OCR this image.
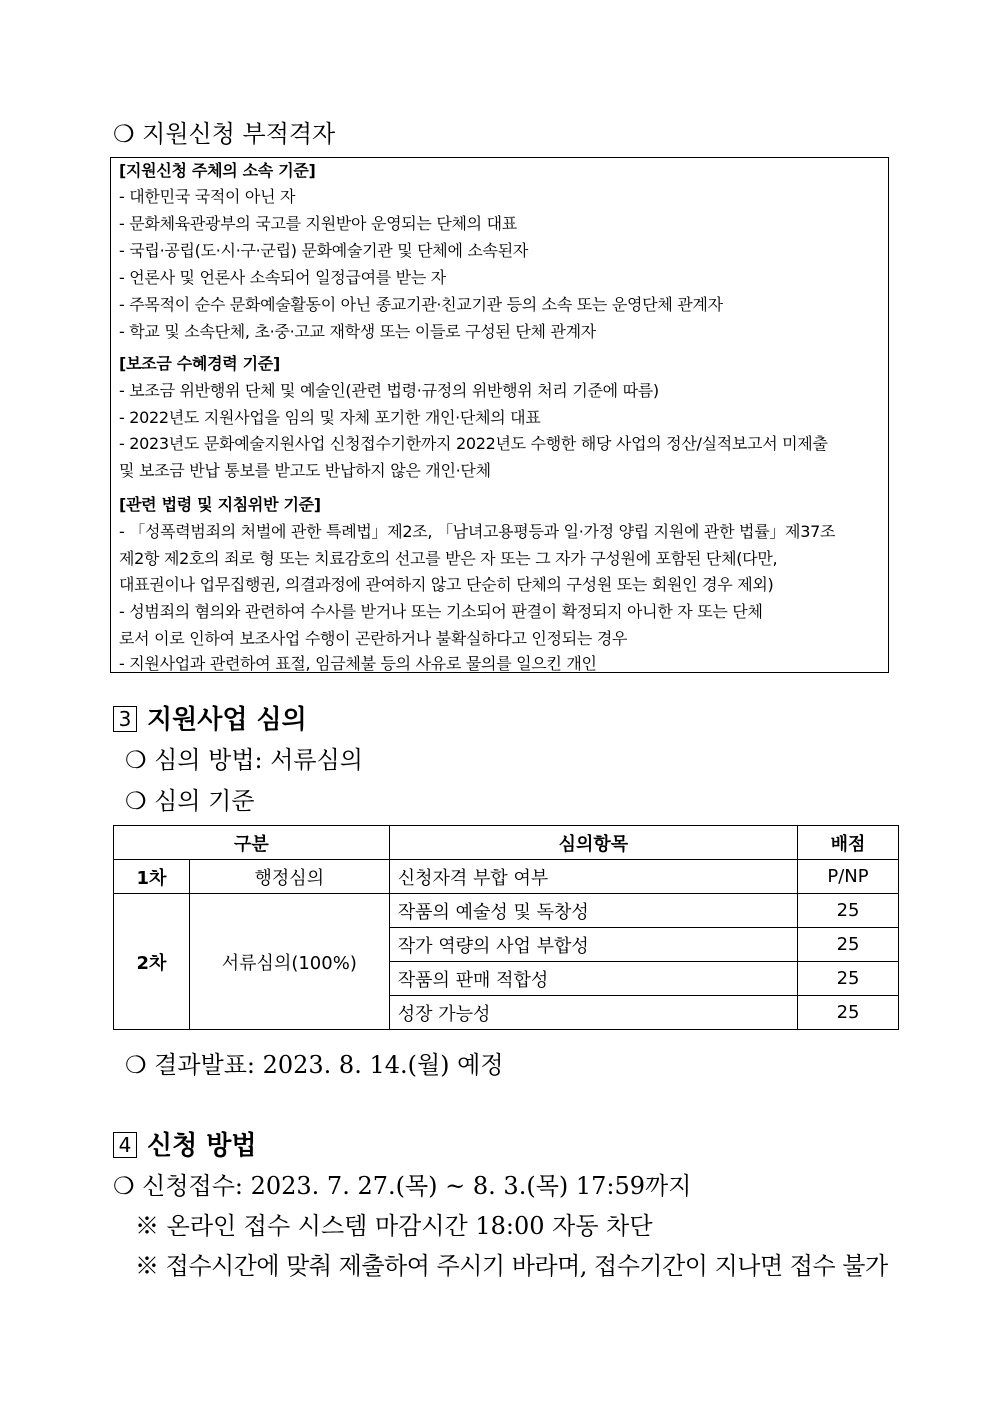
❍ 지원신청 부적격자
[지원신청 주체의 소속 기준]
- 대한민국 국적이 아닌 자
- 문화체육관광부의 국고를 지원받아 운영되는 단체의 대표
- 국립·공립(도·시·구·군립) 문화예술기관 및 단체에 소속된자
- 언론사 및 언론사 소속되어 일정급여를 받는 자
- 주목적이 순수 문화예술활동이 아닌 종교기관·친교기관 등의 소속 또는 운영단체 관계자
- 학교 및 소속단체, 초·중·고교 재학생 또는 이들로 구성된 단체 관계자
[보조금 수혜경력 기준]
- 보조금 위반행위 단체 및 예술인(관련 법령·규정의 위반행위 처리 기준에 따름)
- 2022년도 지원사업을 임의 및 자체 포기한 개인·단체의 대표
- 2023년도 문화예술지원사업 신청접수기한까지 2022년도 수행한 해당 사업의 정산/실적보고서 미제출
및 보조금 반납 통보를 받고도 반납하지 않은 개인·단체
[관련 법령 및 지침위반 기준]
- 「성폭력범죄의 처벌에 관한 특례법」제2조, 「남녀고용평등과 일·가정 양립 지원에 관한 법률」제37조
제2항 제2호의 죄로 형 또는 치료감호의 선고를 받은 자 또는 그 자가 구성원에 포함된 단체(다만,
대표권이나 업무집행권, 의결과정에 관여하지 않고 단순히 단체의 구성원 또는 회원인 경우 제외)
- 성범죄의 혐의와 관련하여 수사를 받거나 또는 기소되어 판결이 확정되지 아니한 자 또는 단체
로서 이로 인하여 보조사업 수행이 곤란하거나 불확실하다고 인정되는 경우
- 지원사업과 관련하여 표절, 임금체불 등의 사유로 물의를 일으킨 개인
3 지원사업 심의
❍ 심의 방법: 서류심의
❍ 심의 기준
구분		심의항목	배점
1차	행정심의	신청자격 부합 여부	P/NP
2차	서류심의(100%)	작품의 예술성 및 독창성	25
		작가 역량의 사업 부합성	25
		작품의 판매 적합성	25
		성장 가능성	25
❍ 결과발표: 2023. 8. 14.(월) 예정
4 신청 방법
❍ 신청접수: 2023. 7. 27.(목) ~ 8. 3.(목) 17:59까지
※ 온라인 접수 시스템 마감시간 18:00 자동 차단
※ 접수시간에 맞춰 제출하여 주시기 바라며, 접수기간이 지나면 접수 불가
